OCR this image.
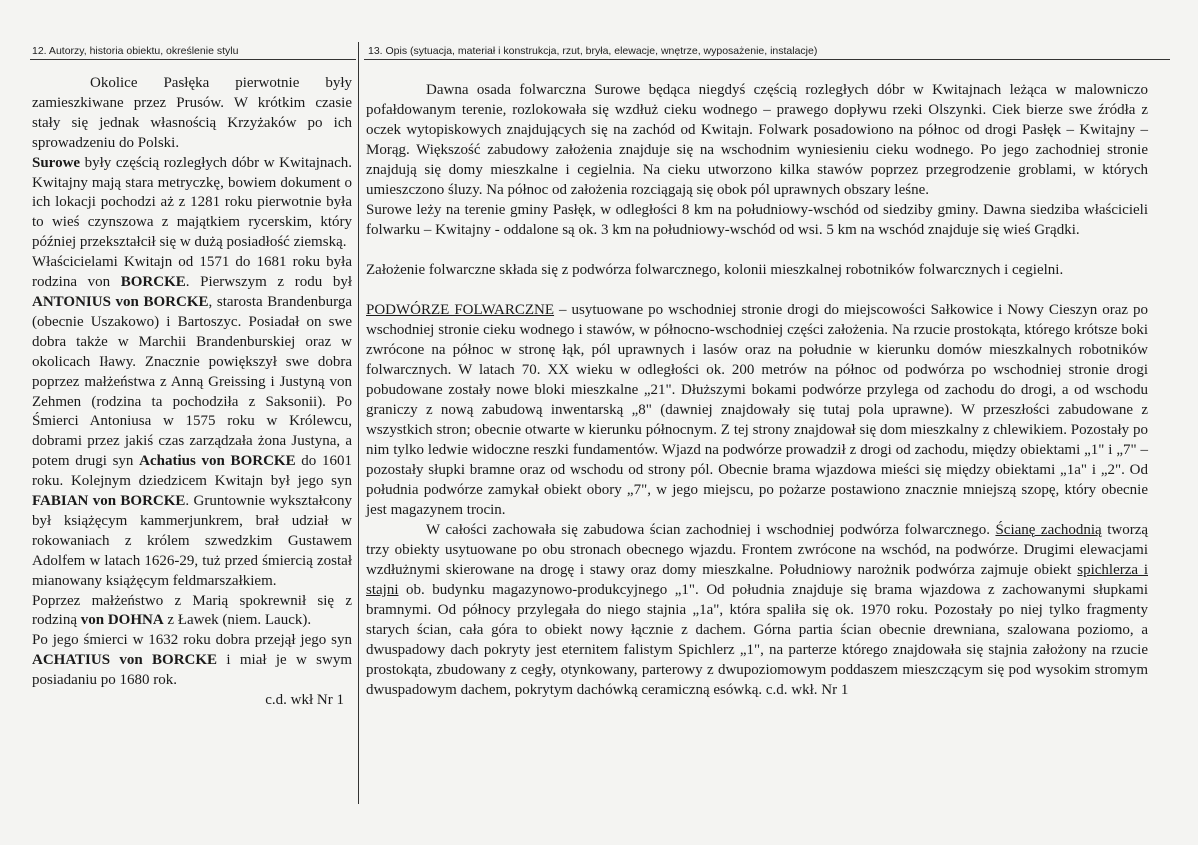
12. Autorzy, historia obiektu, określenie stylu	13. Opis (sytuacja, materiał i konstrukcja, rzut, bryła, elewacje, wnętrze, wyposażenie, instalacje)

Okolice Pasłęka pierwotnie były zamieszkiwane przez Prusów. W krótkim czasie stały się jednak własnością Krzyżaków po ich sprowadzeniu do Polski.

Surowe były częścią rozległych dóbr w Kwitajnach. Kwitajny mają stara metryczkę, bowiem dokument o ich lokacji pochodzi aż z 1281 roku pierwotnie była to wieś czynszowa z majątkiem rycerskim, który później przekształcił się w dużą posiadłość ziemską.

Właścicielami Kwitajn od 1571 do 1681 roku była rodzina von BORCKE. Pierwszym z rodu był ANTONIUS von BORCKE, starosta Brandenburga (obecnie Uszakowo) i Bartoszyc. Posiadał on swe dobra także w Marchii Brandenburskiej oraz w okolicach Iławy. Znacznie powiększył swe dobra poprzez małżeństwa z Anną Greissing i Justyną von Zehmen (rodzina ta pochodziła z Saksonii). Po Śmierci Antoniusa w 1575 roku w Królewcu, dobrami przez jakiś czas zarządzała żona Justyna, a potem drugi syn Achatius von BORCKE do 1601 roku. Kolejnym dziedzicem Kwitajn był jego syn FABIAN von BORCKE. Gruntownie wykształcony był książęcym kammerjunkrem, brał udział w rokowaniach z królem szwedzkim Gustawem Adolfem w latach 1626-29, tuż przed śmiercią został mianowany książęcym feldmarszałkiem.

Poprzez małżeństwo z Marią spokrewnił się z rodziną von DOHNA z Ławek (niem. Lauck).

Po jego śmierci w 1632 roku dobra przejął jego syn ACHATIUS von BORCKE i miał je w swym posiadaniu po 1680 rok.

c.d. wkł Nr 1

Dawna osada folwarczna Surowe będąca niegdyś częścią rozległych dóbr w Kwitajnach leżąca w malowniczo pofałdowanym terenie, rozlokowała się wzdłuż cieku wodnego – prawego dopływu rzeki Olszynki. Ciek bierze swe źródła z oczek wytopiskowych znajdujących się na zachód od Kwitajn. Folwark posadowiono na północ od drogi Pasłęk – Kwitajny – Morąg. Większość zabudowy założenia znajduje się na wschodnim wyniesieniu cieku wodnego. Po jego zachodniej stronie znajdują się domy mieszkalne i cegielnia. Na cieku utworzono kilka stawów poprzez przegrodzenie groblami, w których umieszczono śluzy. Na północ od założenia rozciągają się obok pól uprawnych obszary leśne.

Surowe leży na terenie gminy Pasłęk, w odległości 8 km na południowy-wschód od siedziby gminy. Dawna siedziba właścicieli folwarku – Kwitajny - oddalone są ok. 3 km na południowy-wschód od wsi. 5 km na wschód znajduje się wieś Grądki.

Założenie folwarczne składa się z podwórza folwarcznego, kolonii mieszkalnej robotników folwarcznych i cegielni.

PODWÓRZE FOLWARCZNE – usytuowane po wschodniej stronie drogi do miejscowości Sałkowice i Nowy Cieszyn oraz po wschodniej stronie cieku wodnego i stawów, w północno-wschodniej części założenia. Na rzucie prostokąta, którego krótsze boki zwrócone na północ w stronę łąk, pól uprawnych i lasów oraz na południe w kierunku domów mieszkalnych robotników folwarcznych. W latach 70. XX wieku w odległości ok. 200 metrów na północ od podwórza po wschodniej stronie drogi pobudowane zostały nowe bloki mieszkalne „21". Dłuższymi bokami podwórze przylega od zachodu do drogi, a od wschodu graniczy z nową zabudową inwentarską „8" (dawniej znajdowały się tutaj pola uprawne). W przeszłości zabudowane z wszystkich stron; obecnie otwarte w kierunku północnym. Z tej strony znajdował się dom mieszkalny z chlewikiem. Pozostały po nim tylko ledwie widoczne reszki fundamentów. Wjazd na podwórze prowadził z drogi od zachodu, między obiektami „1" i „7" – pozostały słupki bramne oraz od wschodu od strony pól. Obecnie brama wjazdowa mieści się między obiektami „1a" i „2". Od południa podwórze zamykał obiekt obory „7", w jego miejscu, po pożarze postawiono znacznie mniejszą szopę, który obecnie jest magazynem trocin.

W całości zachowała się zabudowa ścian zachodniej i wschodniej podwórza folwarcznego. Ścianę zachodnią tworzą trzy obiekty usytuowane po obu stronach obecnego wjazdu. Frontem zwrócone na wschód, na podwórze. Drugimi elewacjami wzdłużnymi skierowane na drogę i stawy oraz domy mieszkalne. Południowy narożnik podwórza zajmuje obiekt spichlerza i stajni ob. budynku magazynowo-produkcyjnego „1". Od południa znajduje się brama wjazdowa z zachowanymi słupkami bramnymi. Od północy przylegała do niego stajnia „1a", która spaliła się ok. 1970 roku. Pozostały po niej tylko fragmenty starych ścian, cała góra to obiekt nowy łącznie z dachem. Górna partia ścian obecnie drewniana, szalowana poziomo, a dwuspadowy dach pokryty jest eternitem falistym Spichlerz „1", na parterze którego znajdowała się stajnia założony na rzucie prostokąta, zbudowany z cegły, otynkowany, parterowy z dwupoziomowym poddaszem mieszczącym się pod wysokim stromym dwuspadowym dachem, pokrytym dachówką ceramiczną esówką. c.d. wkł. Nr 1
